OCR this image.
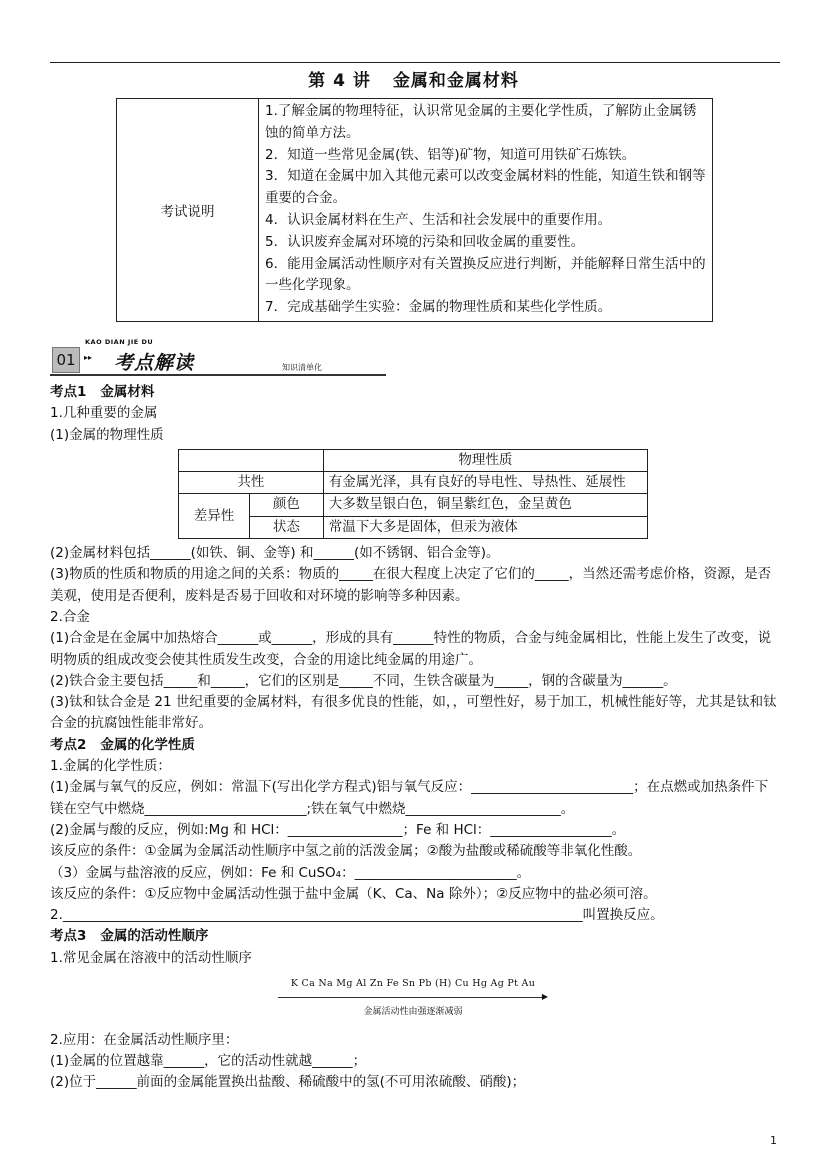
第 4 讲 金属和金属材料
考试说明	
1.了解金属的物理特征，认识常见金属的主要化学性质，了解防止金属锈蚀的简单方法。
2．知道一些常见金属(铁、铝等)矿物，知道可用铁矿石炼铁。
3．知道在金属中加入其他元素可以改变金属材料的性能，知道生铁和钢等重要的合金。
4．认识金属材料在生产、生活和社会发展中的重要作用。
5．认识废弃金属对环境的污染和回收金属的重要性。
6．能用金属活动性顺序对有关置换反应进行判断，并能解释日常生活中的一些化学现象。
7．完成基础学生实验：金属的物理性质和某些化学性质。
KAO DIAN JIE DU
01	▸▸ 考点解读	知识清单化

考点1 金属材料

1.几种重要的金属

(1)金属的物理性质

		物理性质
共性		有金属光泽，具有良好的导电性、导热性、延展性
差异性	颜色	大多数呈银白色，铜呈紫红色，金呈黄色
	状态	常温下大多是固体，但汞为液体

(2)金属材料包括______(如铁、铜、金等) 和______(如不锈钢、铝合金等)。

(3)物质的性质和物质的用途之间的关系：物质的_____在很大程度上决定了它们的_____，当然还需考虑价格，资源，是否美观，使用是否便利，废料是否易于回收和对环境的影响等多种因素。

2.合金

(1)合金是在金属中加热熔合______或______，形成的具有______特性的物质，合金与纯金属相比，性能上发生了改变，说明物质的组成改变会使其性质发生改变，合金的用途比纯金属的用途广。

(2)铁合金主要包括_____和_____，它们的区别是_____不同，生铁含碳量为_____，钢的含碳量为______。

(3)钛和钛合金是 21 世纪重要的金属材料，有很多优良的性能，如，，可塑性好，易于加工，机械性能好等，尤其是钛和钛合金的抗腐蚀性能非常好。

考点2 金属的化学性质

1.金属的化学性质：

(1)金属与氧气的反应，例如：常温下(写出化学方程式)铝与氧气反应：________________________；在点燃或加热条件下镁在空气中燃烧________________________;铁在氧气中燃烧_______________________。

(2)金属与酸的反应，例如:Mg 和 HCl：_________________；Fe 和 HCl：__________________。

该反应的条件：①金属为金属活动性顺序中氢之前的活泼金属；②酸为盐酸或稀硫酸等非氧化性酸。

（3）金属与盐溶液的反应，例如：Fe 和 CuSO₄：________________________。

该反应的条件：①反应物中金属活动性强于盐中金属（K、Ca、Na 除外）；②反应物中的盐必须可溶。

2._____________________________________________________________________________叫置换反应。

考点3 金属的活动性顺序

1.常见金属在溶液中的活动性顺序

K Ca Na Mg Al Zn Fe Sn Pb (H) Cu Hg Ag Pt Au
▶
金属活动性由强逐渐减弱

2.应用：在金属活动性顺序里：

(1)金属的位置越靠______，它的活动性就越______；

(2)位于______前面的金属能置换出盐酸、稀硫酸中的氢(不可用浓硫酸、硝酸)；

1
